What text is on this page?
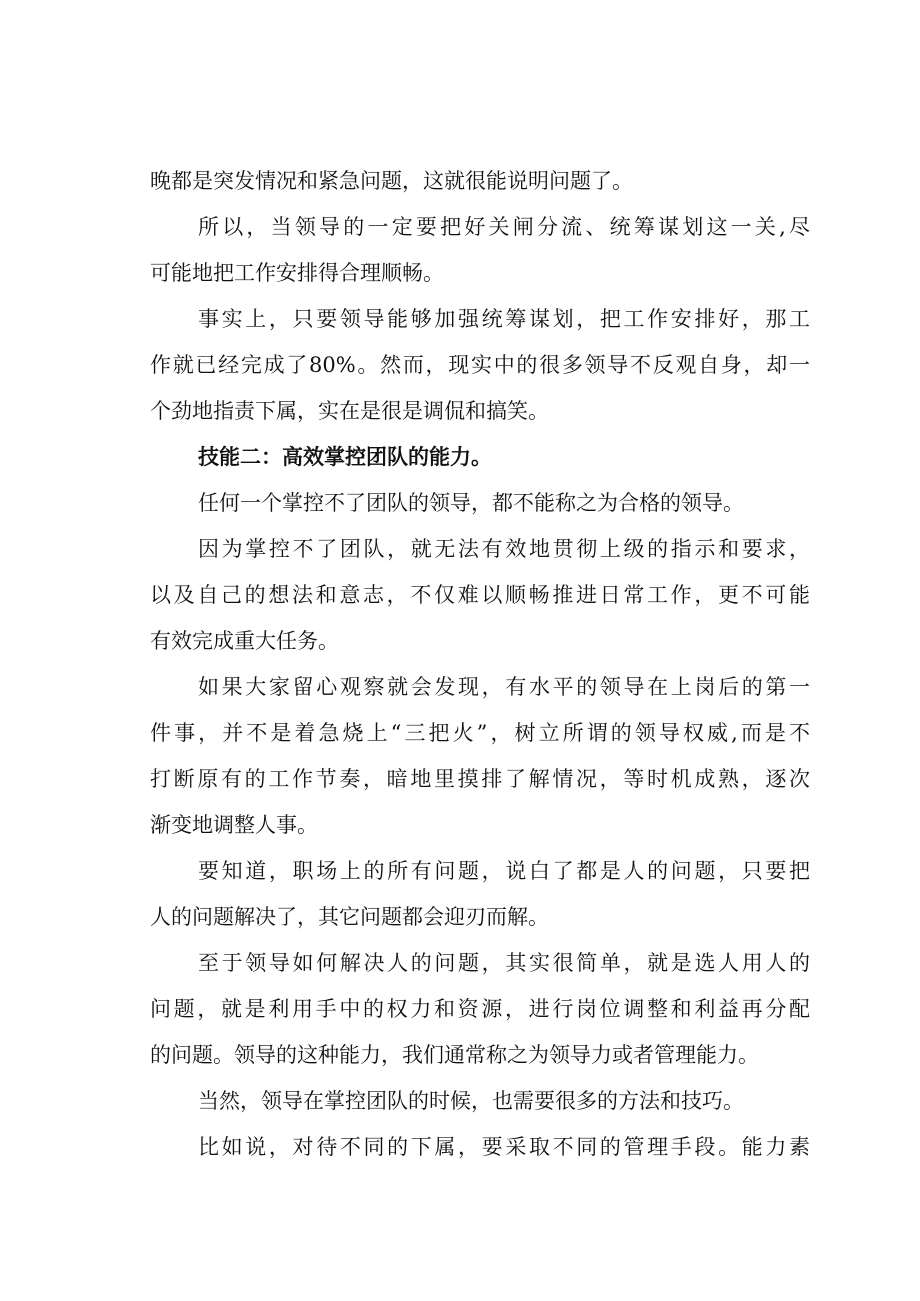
晚都是突发情况和紧急问题，这就很能说明问题了。
所以，当领导的一定要把好关闸分流、统筹谋划这一关,尽
可能地把工作安排得合理顺畅。
事实上，只要领导能够加强统筹谋划，把工作安排好，那工
作就已经完成了80%。然而，现实中的很多领导不反观自身，却一
个劲地指责下属，实在是很是调侃和搞笑。
技能二：高效掌控团队的能力。
任何一个掌控不了团队的领导，都不能称之为合格的领导。
因为掌控不了团队，就无法有效地贯彻上级的指示和要求，
以及自己的想法和意志，不仅难以顺畅推进日常工作，更不可能
有效完成重大任务。
如果大家留心观察就会发现，有水平的领导在上岗后的第一
件事，并不是着急烧上“三把火”，树立所谓的领导权威,而是不
打断原有的工作节奏，暗地里摸排了解情况，等时机成熟，逐次
渐变地调整人事。
要知道，职场上的所有问题，说白了都是人的问题，只要把
人的问题解决了，其它问题都会迎刃而解。
至于领导如何解决人的问题，其实很简单，就是选人用人的
问题，就是利用手中的权力和资源，进行岗位调整和利益再分配
的问题。领导的这种能力，我们通常称之为领导力或者管理能力。
当然，领导在掌控团队的时候，也需要很多的方法和技巧。
比如说，对待不同的下属，要采取不同的管理手段。能力素
